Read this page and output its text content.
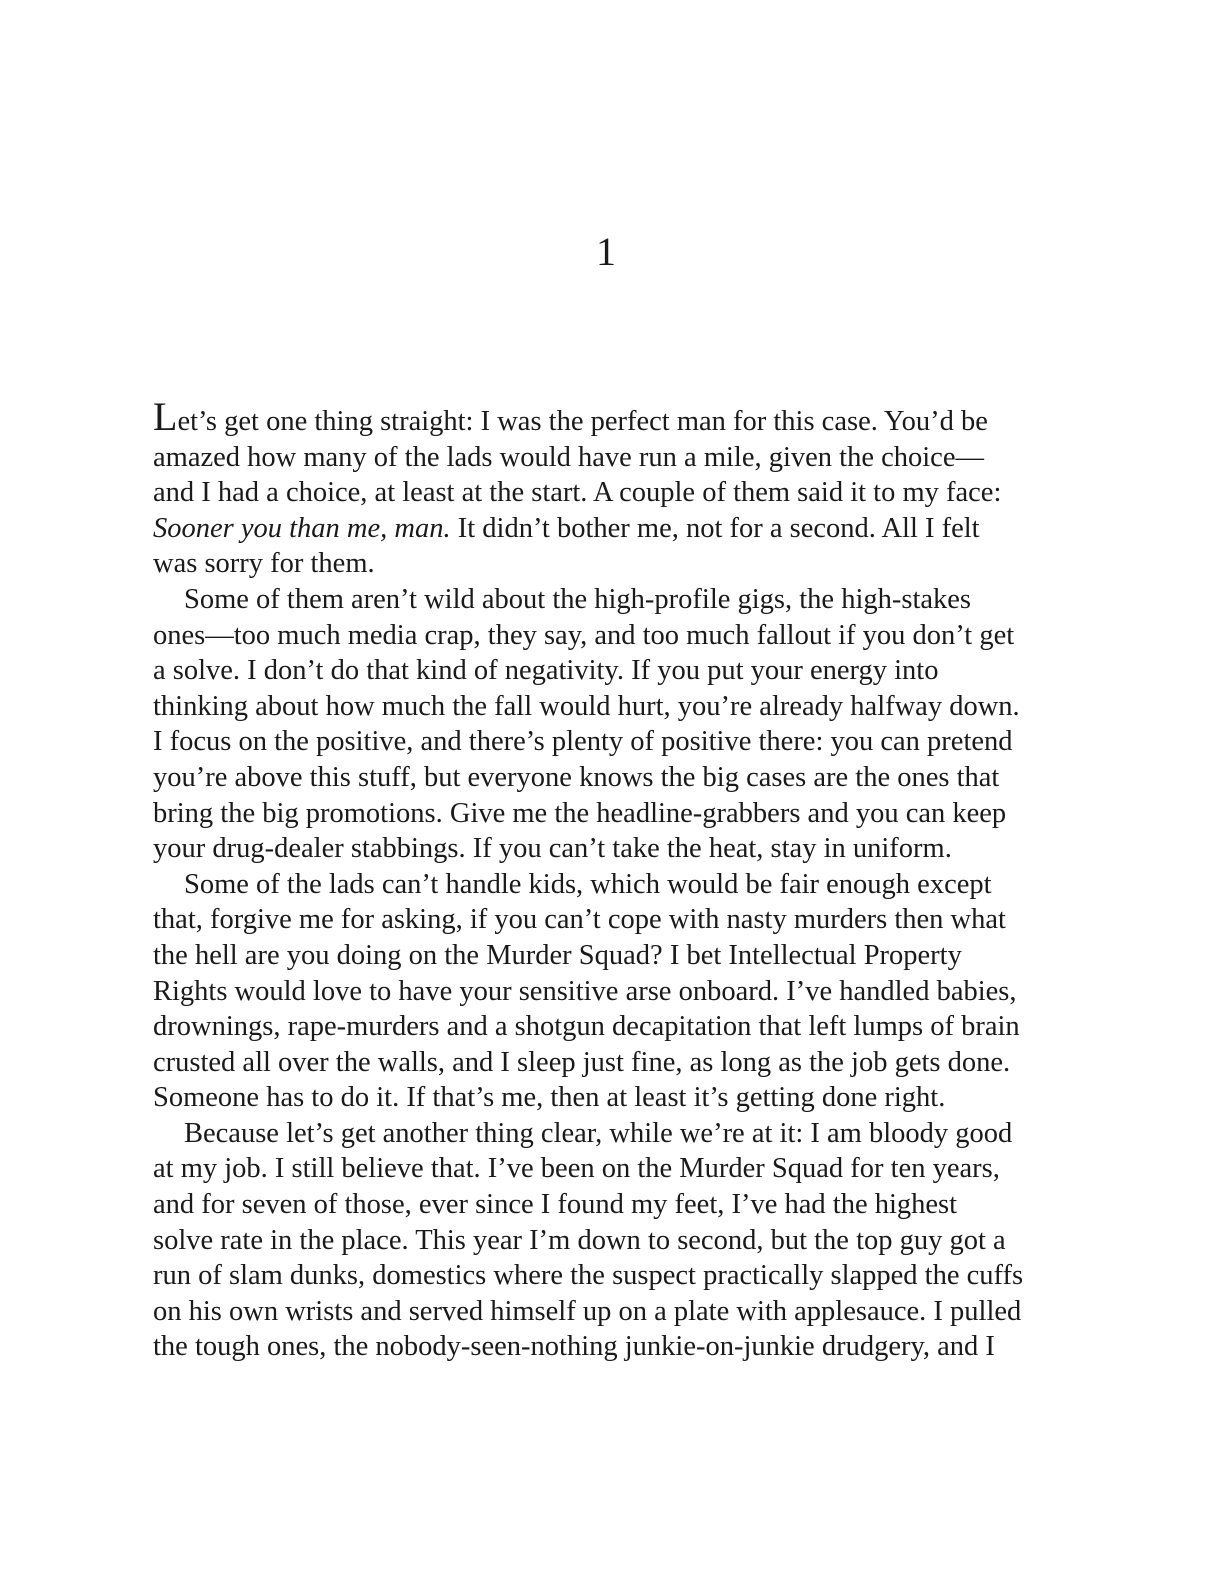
1
Let’s get one thing straight: I was the perfect man for this case. You’d be
amazed how many of the lads would have run a mile, given the choice—
and I had a choice, at least at the start. A couple of them said it to my face:
Sooner you than me, man. It didn’t bother me, not for a second. All I felt
was sorry for them.
Some of them aren’t wild about the high-profile gigs, the high-stakes
ones—too much media crap, they say, and too much fallout if you don’t get
a solve. I don’t do that kind of negativity. If you put your energy into
thinking about how much the fall would hurt, you’re already halfway down.
I focus on the positive, and there’s plenty of positive there: you can pretend
you’re above this stuff, but everyone knows the big cases are the ones that
bring the big promotions. Give me the headline-grabbers and you can keep
your drug-dealer stabbings. If you can’t take the heat, stay in uniform.
Some of the lads can’t handle kids, which would be fair enough except
that, forgive me for asking, if you can’t cope with nasty murders then what
the hell are you doing on the Murder Squad? I bet Intellectual Property
Rights would love to have your sensitive arse onboard. I’ve handled babies,
drownings, rape-murders and a shotgun decapitation that left lumps of brain
crusted all over the walls, and I sleep just fine, as long as the job gets done.
Someone has to do it. If that’s me, then at least it’s getting done right.
Because let’s get another thing clear, while we’re at it: I am bloody good
at my job. I still believe that. I’ve been on the Murder Squad for ten years,
and for seven of those, ever since I found my feet, I’ve had the highest
solve rate in the place. This year I’m down to second, but the top guy got a
run of slam dunks, domestics where the suspect practically slapped the cuffs
on his own wrists and served himself up on a plate with applesauce. I pulled
the tough ones, the nobody-seen-nothing junkie-on-junkie drudgery, and I
